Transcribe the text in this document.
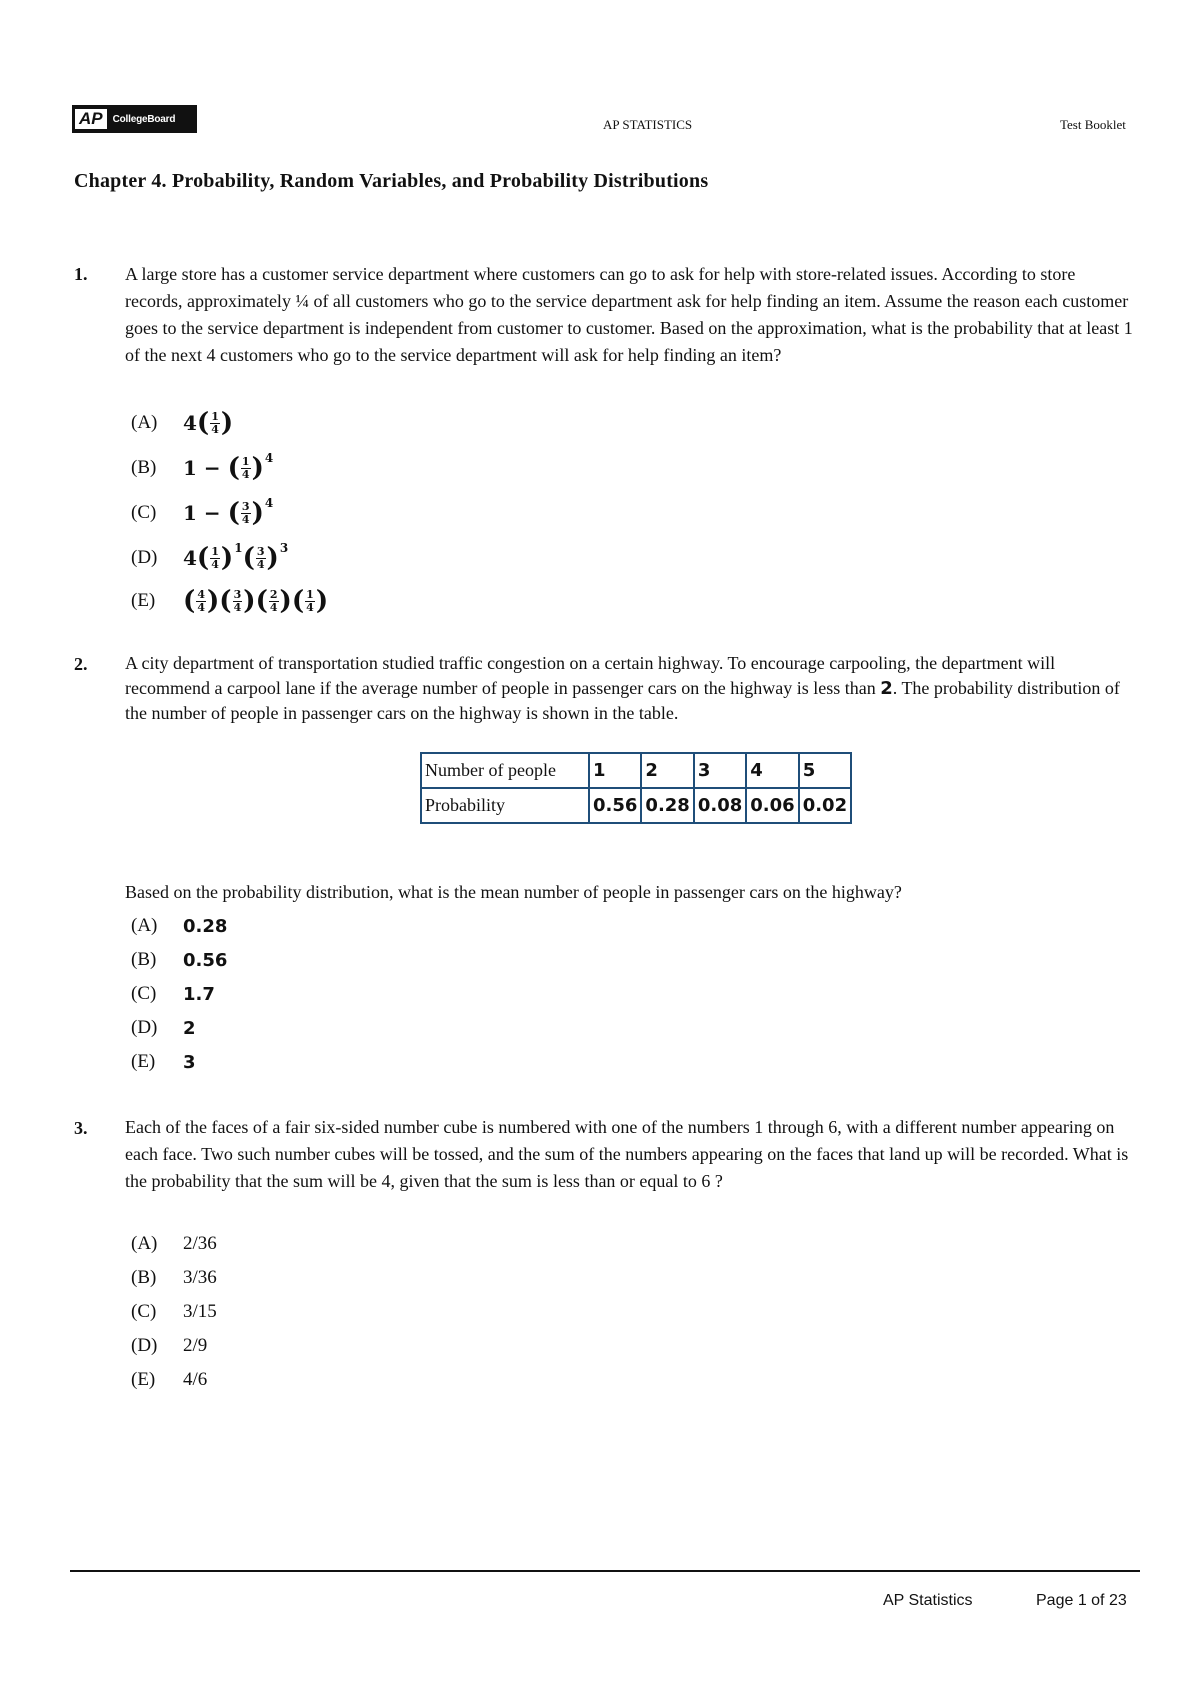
AP	CollegeBoard	AP STATISTICS	Test Booklet
Chapter 4. Probability, Random Variables, and Probability Distributions
1. A large store has a customer service department where customers can go to ask for help with store-related issues. According to store records, approximately ¼ of all customers who go to the service department ask for help finding an item. Assume the reason each customer goes to the service department is independent from customer to customer. Based on the approximation, what is the probability that at least 1 of the next 4 customers who go to the service department will ask for help finding an item?

(A)	4 ( $\frac{1}{4}$ )
(B)	1 − ( $\frac{1}{4} )^4$
(C)	1 − ( $\frac{3}{4} )^4$
(D)	4 ( $\frac{1}{4} )^1$ ( $\frac{3}{4} )^3$
(E)	( $\frac{4}{4}$ ) ( $\frac{3}{4}$ ) ( $\frac{2}{4}$ ) ( $\frac{1}{4}$ )
2. A city department of transportation studied traffic congestion on a certain highway. To encourage carpooling, the department will recommend a carpool lane if the average number of people in passenger cars on the highway is less than 2. The probability distribution of the number of people in passenger cars on the highway is shown in the table.

Number of people	1	2	3	4	5
Probability	0.56	0.28	0.08	0.06	0.02

Based on the probability distribution, what is the mean number of people in passenger cars on the highway?

(A)	0.28
(B)	0.56
(C)	1.7
(D)	2
(E)	3
3. Each of the faces of a fair six-sided number cube is numbered with one of the numbers 1 through 6, with a different number appearing on each face. Two such number cubes will be tossed, and the sum of the numbers appearing on the faces that land up will be recorded. What is the probability that the sum will be 4, given that the sum is less than or equal to 6 ?

(A)	2/36
(B)	3/36
(C)	3/15
(D)	2/9
(E)	4/6
AP Statistics	Page 1 of 23
